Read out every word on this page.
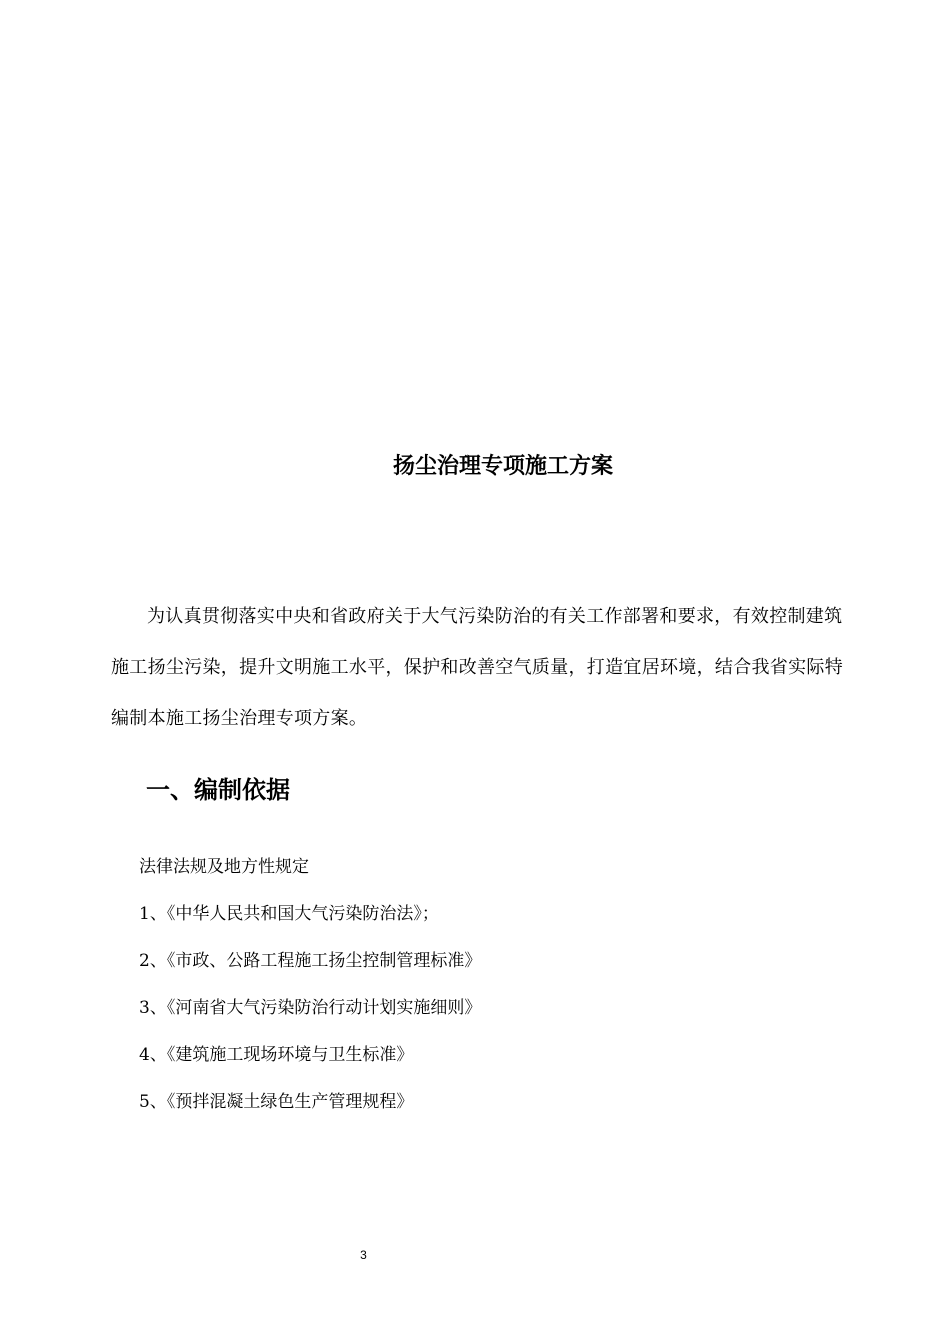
扬尘治理专项施工方案

为认真贯彻落实中央和省政府关于大气污染防治的有关工作部署和要求，有效控制建筑施工扬尘污染，提升文明施工水平，保护和改善空气质量，打造宜居环境，结合我省实际特编制本施工扬尘治理专项方案。

一、编制依据

法律法规及地方性规定

1、《中华人民共和国大气污染防治法》；
2、《市政、公路工程施工扬尘控制管理标准》
3、《河南省大气污染防治行动计划实施细则》
4、《建筑施工现场环境与卫生标准》
5、《预拌混凝土绿色生产管理规程》
3
